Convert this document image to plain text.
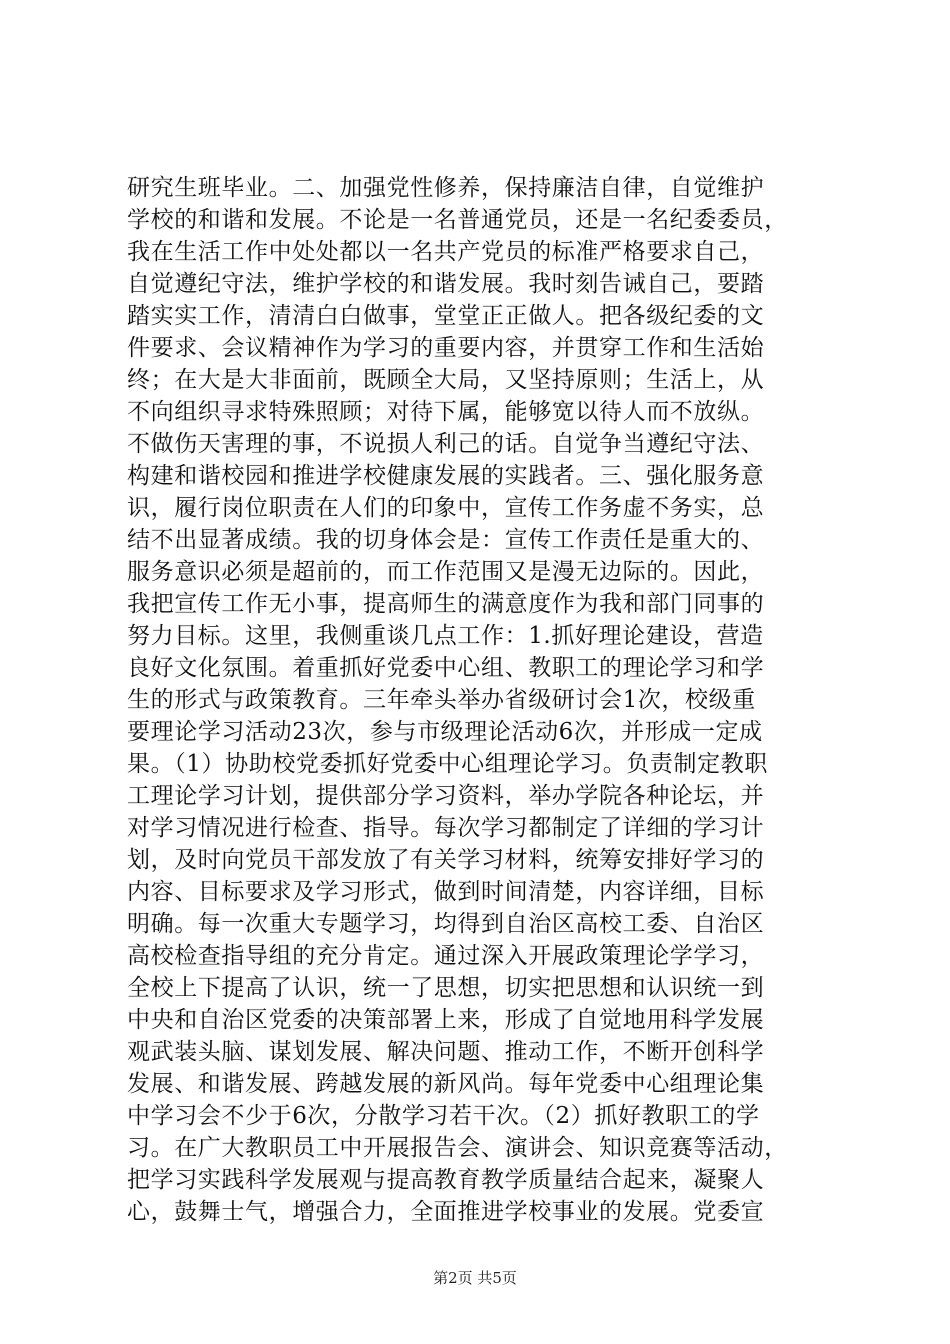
研究生班毕业。二、加强党性修养，保持廉洁自律，自觉维护
学校的和谐和发展。不论是一名普通党员，还是一名纪委委员，
我在生活工作中处处都以一名共产党员的标准严格要求自己，
自觉遵纪守法，维护学校的和谐发展。我时刻告诫自己，要踏
踏实实工作，清清白白做事，堂堂正正做人。把各级纪委的文
件要求、会议精神作为学习的重要内容，并贯穿工作和生活始
终；在大是大非面前，既顾全大局，又坚持原则；生活上，从
不向组织寻求特殊照顾；对待下属，能够宽以待人而不放纵。
不做伤天害理的事，不说损人利己的话。自觉争当遵纪守法、
构建和谐校园和推进学校健康发展的实践者。三、强化服务意
识，履行岗位职责在人们的印象中，宣传工作务虚不务实，总
结不出显著成绩。我的切身体会是：宣传工作责任是重大的、
服务意识必须是超前的，而工作范围又是漫无边际的。因此，
我把宣传工作无小事，提高师生的满意度作为我和部门同事的
努力目标。这里，我侧重谈几点工作：1.抓好理论建设，营造
良好文化氛围。着重抓好党委中心组、教职工的理论学习和学
生的形式与政策教育。三年牵头举办省级研讨会1次，校级重
要理论学习活动23次，参与市级理论活动6次，并形成一定成
果。（1）协助校党委抓好党委中心组理论学习。负责制定教职
工理论学习计划，提供部分学习资料，举办学院各种论坛，并
对学习情况进行检查、指导。每次学习都制定了详细的学习计
划，及时向党员干部发放了有关学习材料，统筹安排好学习的
内容、目标要求及学习形式，做到时间清楚，内容详细，目标
明确。每一次重大专题学习，均得到自治区高校工委、自治区
高校检查指导组的充分肯定。通过深入开展政策理论学学习，
全校上下提高了认识，统一了思想，切实把思想和认识统一到
中央和自治区党委的决策部署上来，形成了自觉地用科学发展
观武装头脑、谋划发展、解决问题、推动工作，不断开创科学
发展、和谐发展、跨越发展的新风尚。每年党委中心组理论集
中学习会不少于6次，分散学习若干次。（2）抓好教职工的学
习。在广大教职员工中开展报告会、演讲会、知识竞赛等活动，
把学习实践科学发展观与提高教育教学质量结合起来，凝聚人
心，鼓舞士气，增强合力，全面推进学校事业的发展。党委宣
第2页 共5页
